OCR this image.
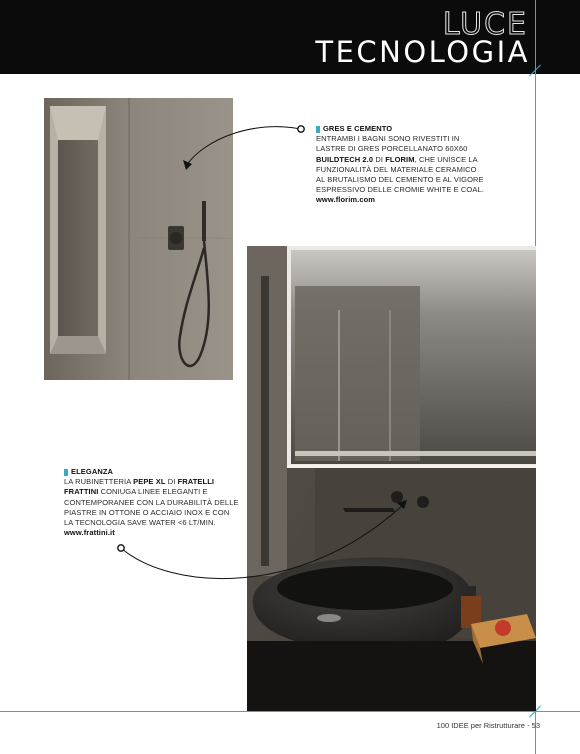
LUCE
TECNOLOGIA
GRES E CEMENTO
ENTRAMBI I BAGNI SONO RIVESTITI IN LASTRE DI GRES PORCELLANATO 60X60 BUILDTECH 2.0 DI FLORIM, CHE UNISCE LA FUNZIONALITÀ DEL MATERIALE CERAMICO AL BRUTALISMO DEL CEMENTO E AL VIGORE ESPRESSIVO DELLE CROMIE WHITE E COAL.
www.florim.com
ELEGANZA
LA RUBINETTERIA PEPE XL DI FRATELLI FRATTINI CONIUGA LINEE ELEGANTI E CONTEMPORANEE CON LA DURABILITÀ DELLE PIASTRE IN OTTONE O ACCIAIO INOX E CON LA TECNOLOGIA SAVE WATER <6 LT/MIN.
www.frattini.it
100 IDEE per Ristrutturare - 53
